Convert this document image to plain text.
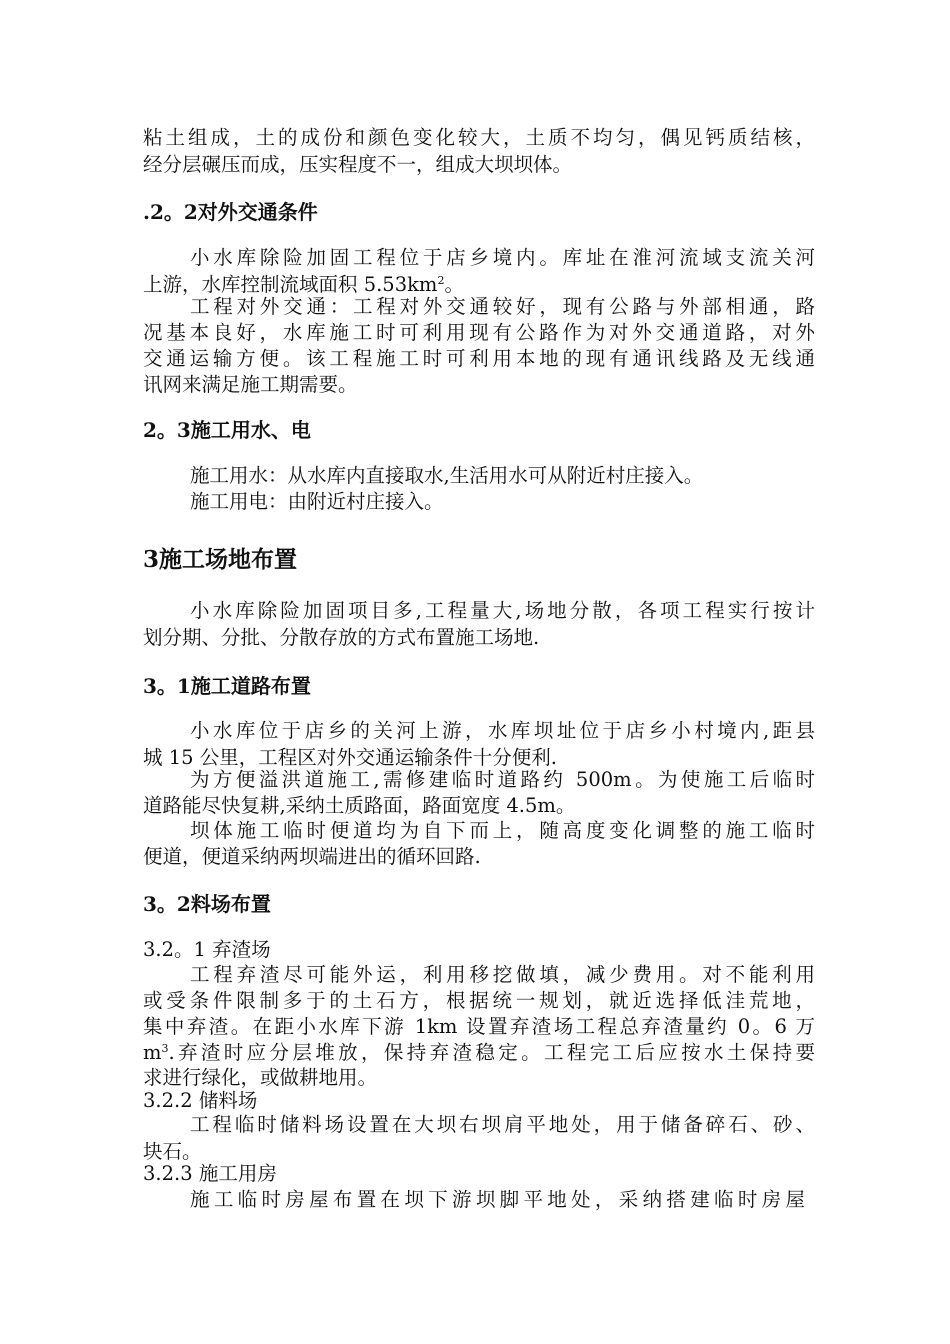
粘土组成，土的成份和颜色变化较大，土质不均匀，偶见钙质结核，
经分层碾压而成，压实程度不一，组成大坝坝体。
.2。2对外交通条件
小水库除险加固工程位于店乡境内。库址在淮河流域支流关河
上游，水库控制流域面积 $5.53km^2$。
工程对外交通：工程对外交通较好，现有公路与外部相通，路
况基本良好，水库施工时可利用现有公路作为对外交通道路，对外
交通运输方便。该工程施工时可利用本地的现有通讯线路及无线通
讯网来满足施工期需要。
2。3施工用水、电
施工用水：从水库内直接取水,生活用水可从附近村庄接入。
施工用电：由附近村庄接入。
3施工场地布置
小水库除险加固项目多,工程量大,场地分散，各项工程实行按计
划分期、分批、分散存放的方式布置施工场地.
3。1施工道路布置
小水库位于店乡的关河上游，水库坝址位于店乡小村境内,距县
城 15 公里，工程区对外交通运输条件十分便利.
为方便溢洪道施工,需修建临时道路约 500m。为使施工后临时
道路能尽快复耕,采纳土质路面，路面宽度 4.5m。
坝体施工临时便道均为自下而上，随高度变化调整的施工临时
便道，便道采纳两坝端进出的循环回路.
3。2料场布置
3.2。1 弃渣场
工程弃渣尽可能外运，利用移挖做填，减少费用。对不能利用
或受条件限制多于的土石方，根据统一规划，就近选择低洼荒地，
集中弃渣。在距小水库下游 1km 设置弃渣场工程总弃渣量约 0。6 万
$m^3$.弃渣时应分层堆放，保持弃渣稳定。工程完工后应按水土保持要
求进行绿化，或做耕地用。
3.2.2 储料场
工程临时储料场设置在大坝右坝肩平地处，用于储备碎石、砂、
块石。
3.2.3 施工用房
施工临时房屋布置在坝下游坝脚平地处，采纳搭建临时房屋
